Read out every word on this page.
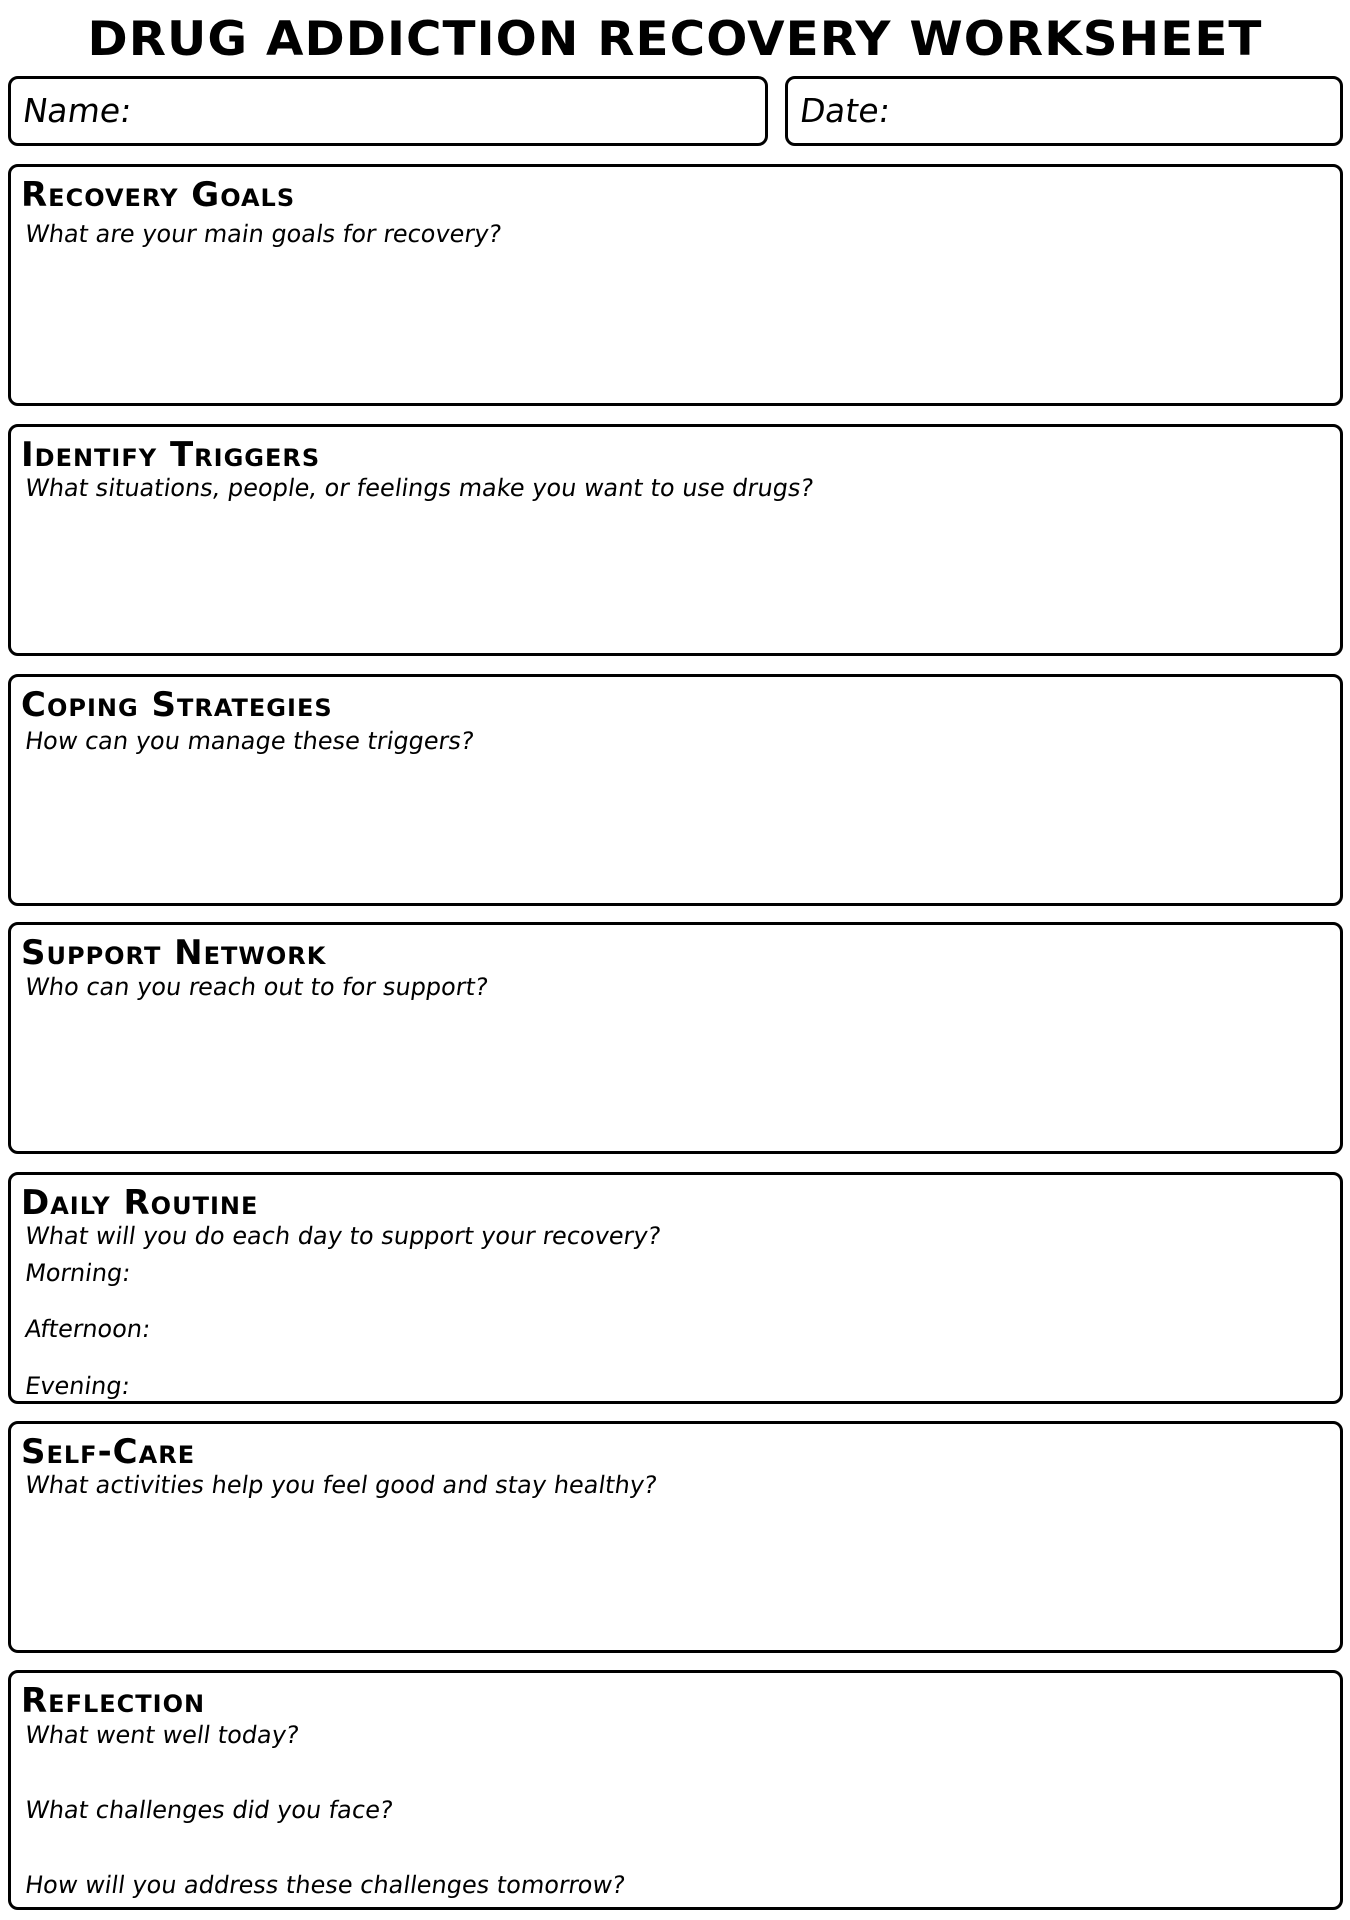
DRUG ADDICTION RECOVERY WORKSHEET
Name:	Date:
Recovery Goals
What are your main goals for recovery?
Identify Triggers
What situations, people, or feelings make you want to use drugs?
Coping Strategies
How can you manage these triggers?
Support Network
Who can you reach out to for support?
Daily Routine
What will you do each day to support your recovery?
Morning:
Afternoon:
Evening:
Self-Care
What activities help you feel good and stay healthy?
Reflection
What went well today?
What challenges did you face?
How will you address these challenges tomorrow?
